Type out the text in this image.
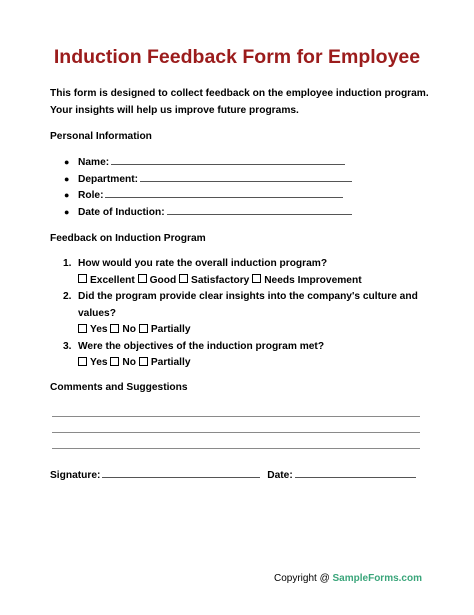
Induction Feedback Form for Employee
This form is designed to collect feedback on the employee induction program. Your insights will help us improve future programs.
Personal Information
● Name:
● Department:
● Role:
● Date of Induction:
Feedback on Induction Program
1. How would you rate the overall induction program?
Excellent Good Satisfactory Needs Improvement
2. Did the program provide clear insights into the company's culture and values?
Yes No Partially
3. Were the objectives of the induction program met?
Yes No Partially
Comments and Suggestions
Signature:	Date:
Copyright @ SampleForms.com
